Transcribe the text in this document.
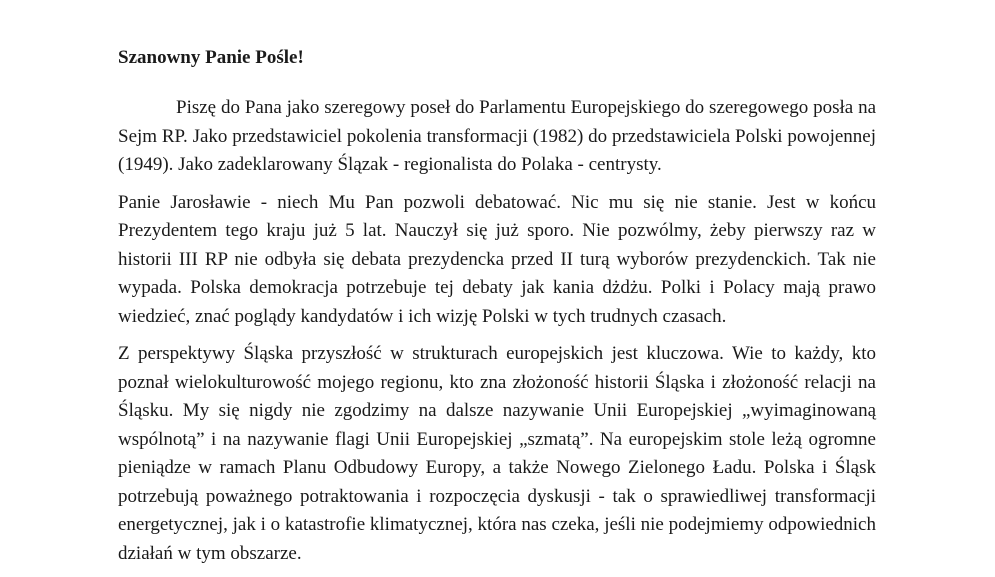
Szanowny Panie Pośle!

Piszę do Pana jako szeregowy poseł do Parlamentu Europejskiego do szeregowego posła na Sejm RP. Jako przedstawiciel pokolenia transformacji (1982) do przedstawiciela Polski powojennej (1949). Jako zadeklarowany Ślązak - regionalista do Polaka - centrysty.

Panie Jarosławie - niech Mu Pan pozwoli debatować. Nic mu się nie stanie. Jest w końcu Prezydentem tego kraju już 5 lat. Nauczył się już sporo. Nie pozwólmy, żeby pierwszy raz w historii III RP nie odbyła się debata prezydencka przed II turą wyborów prezydenckich. Tak nie wypada. Polska demokracja potrzebuje tej debaty jak kania dżdżu. Polki i Polacy mają prawo wiedzieć, znać poglądy kandydatów i ich wizję Polski w tych trudnych czasach.

Z perspektywy Śląska przyszłość w strukturach europejskich jest kluczowa. Wie to każdy, kto poznał wielokulturowość mojego regionu, kto zna złożoność historii Śląska i złożoność relacji na Śląsku. My się nigdy nie zgodzimy na dalsze nazywanie Unii Europejskiej „wyimaginowaną wspólnotą” i na nazywanie flagi Unii Europejskiej „szmatą”. Na europejskim stole leżą ogromne pieniądze w ramach Planu Odbudowy Europy, a także Nowego Zielonego Ładu. Polska i Śląsk potrzebują poważnego potraktowania i rozpoczęcia dyskusji - tak o sprawiedliwej transformacji energetycznej, jak i o katastrofie klimatycznej, która nas czeka, jeśli nie podejmiemy odpowiednich działań w tym obszarze.
